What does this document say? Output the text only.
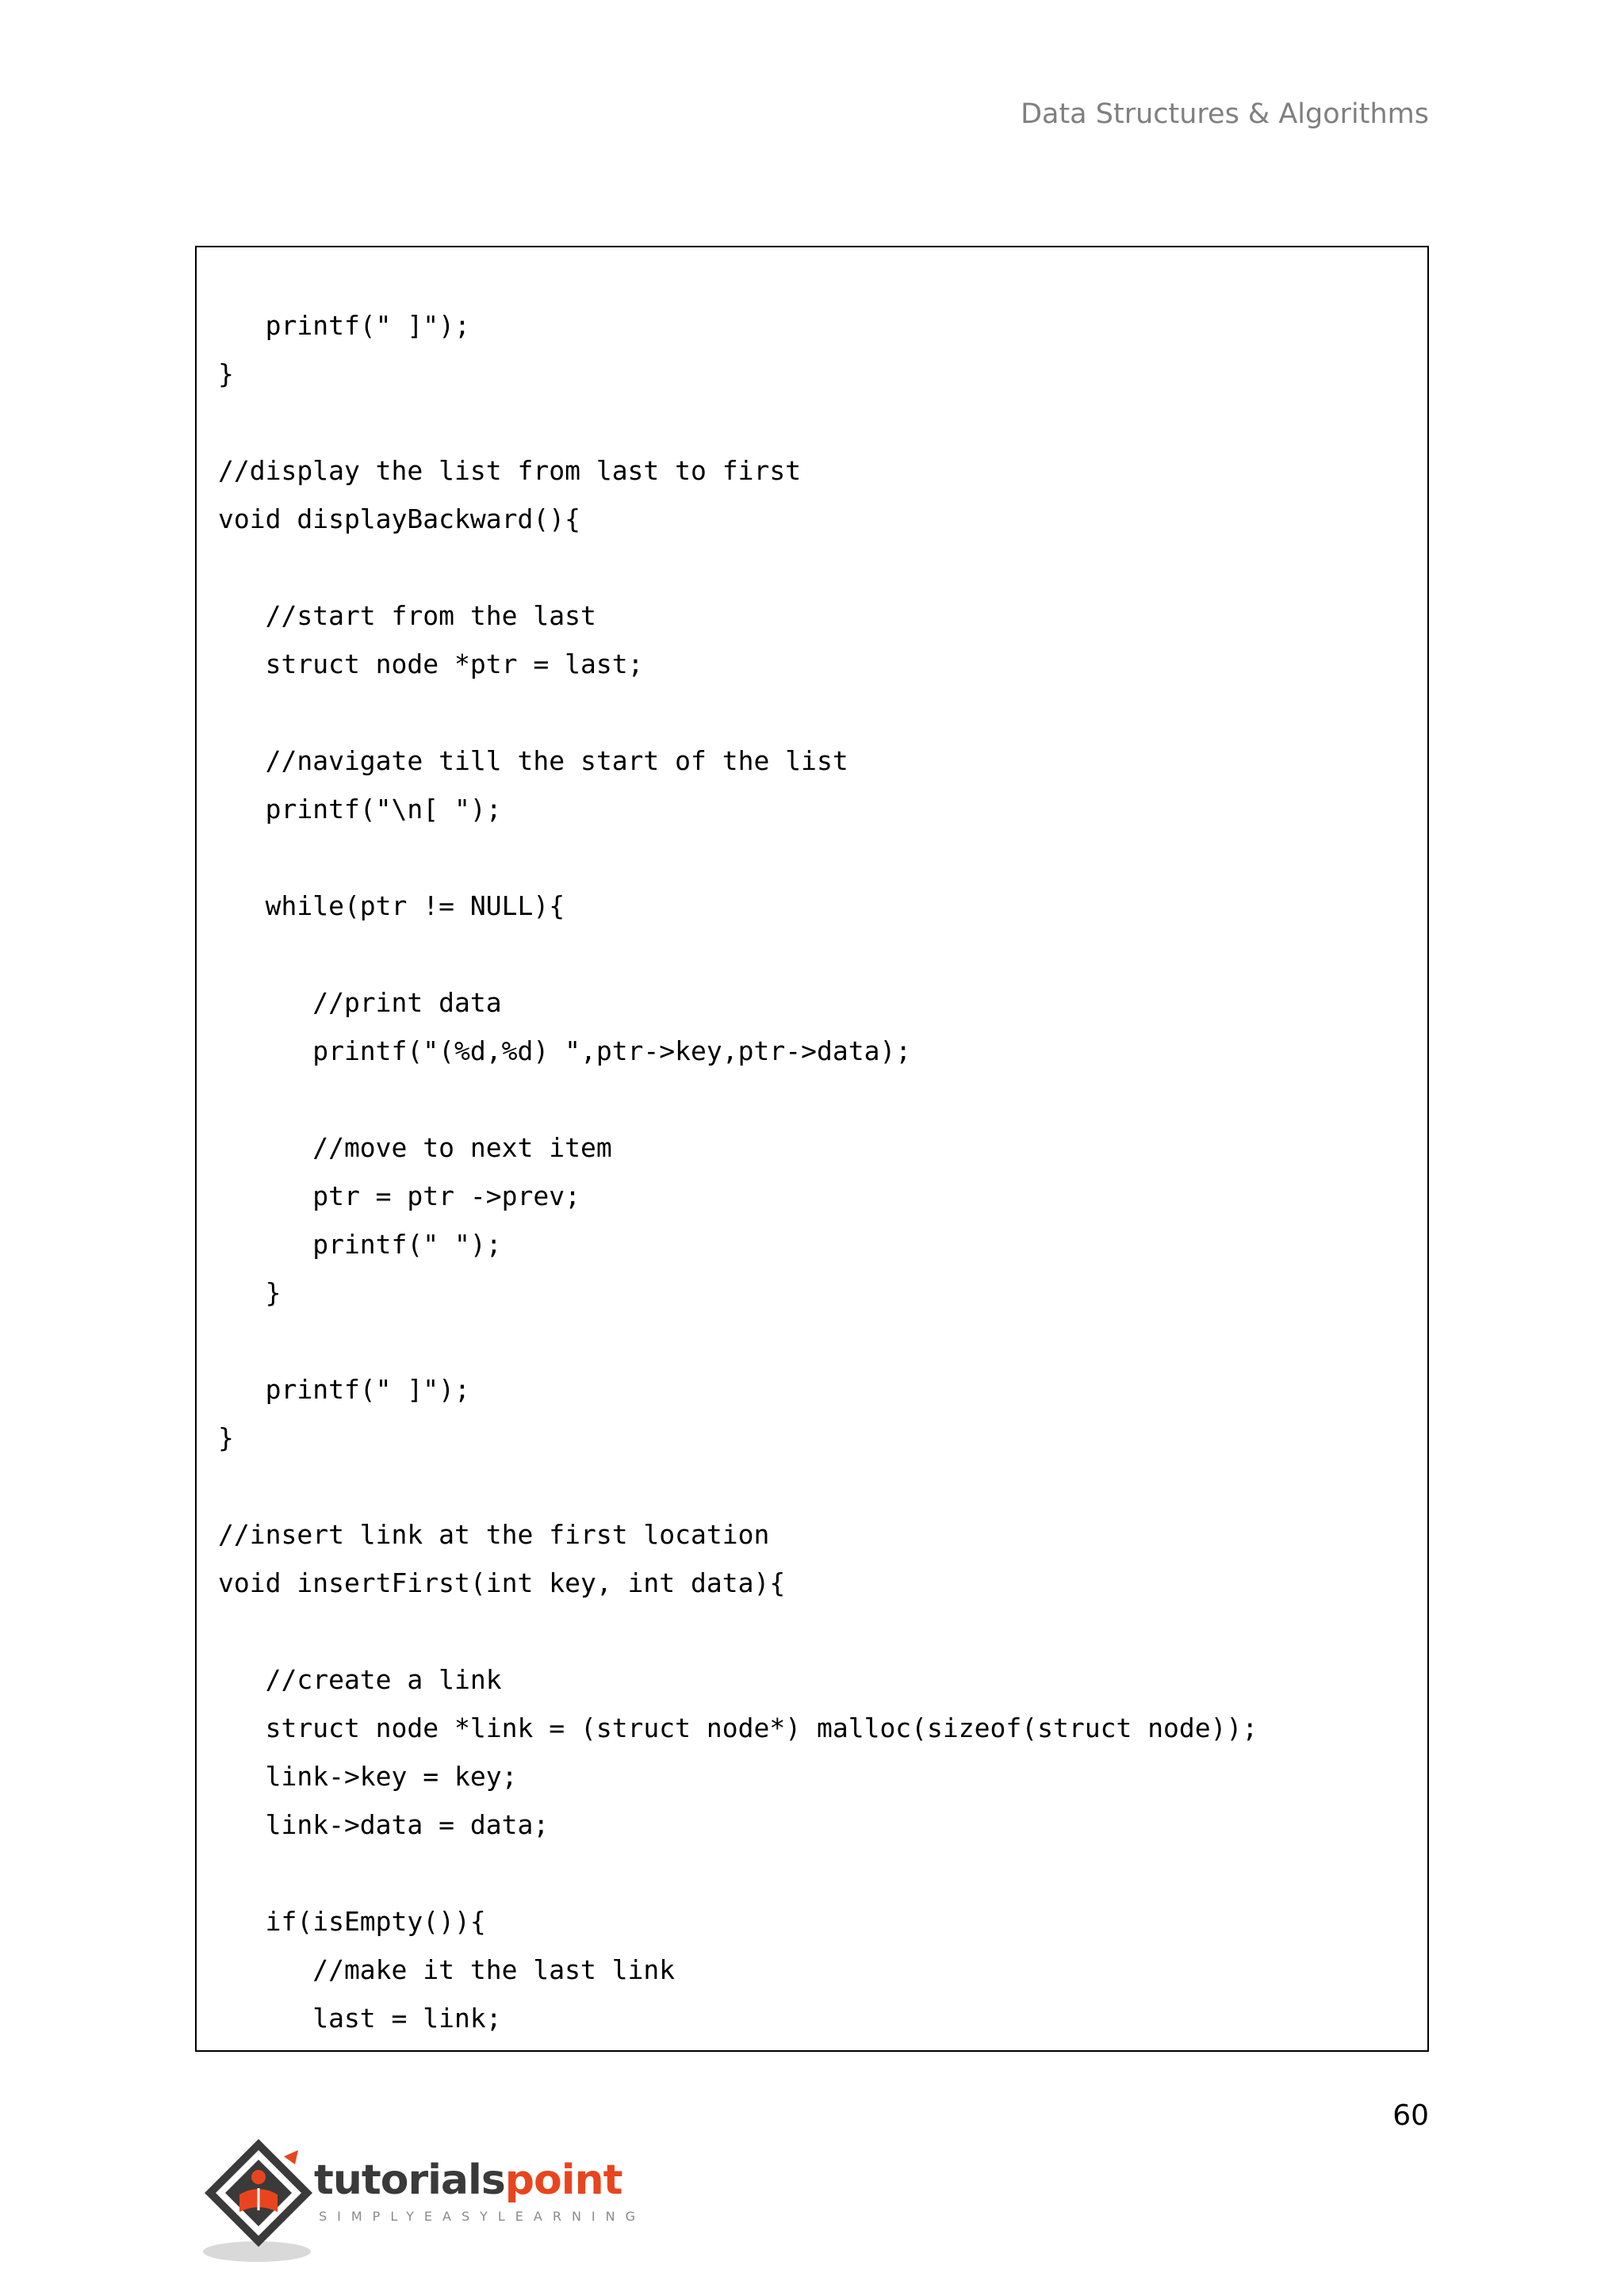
Data Structures & Algorithms
printf(" ]");
}
//display the list from last to first
void displayBackward(){
//start from the last
struct node *ptr = last;
//navigate till the start of the list
printf("\n[ ");
while(ptr != NULL){
//print data
printf("(%d,%d) ",ptr->key,ptr->data);
//move to next item
ptr = ptr ->prev;
printf(" ");
}
printf(" ]");
}
//insert link at the first location
void insertFirst(int key, int data){
//create a link
struct node *link = (struct node*) malloc(sizeof(struct node));
link->key = key;
link->data = data;
if(isEmpty()){
//make it the last link
last = link;
60
tutorialspoint
SIMPLYEASYLEARNING
